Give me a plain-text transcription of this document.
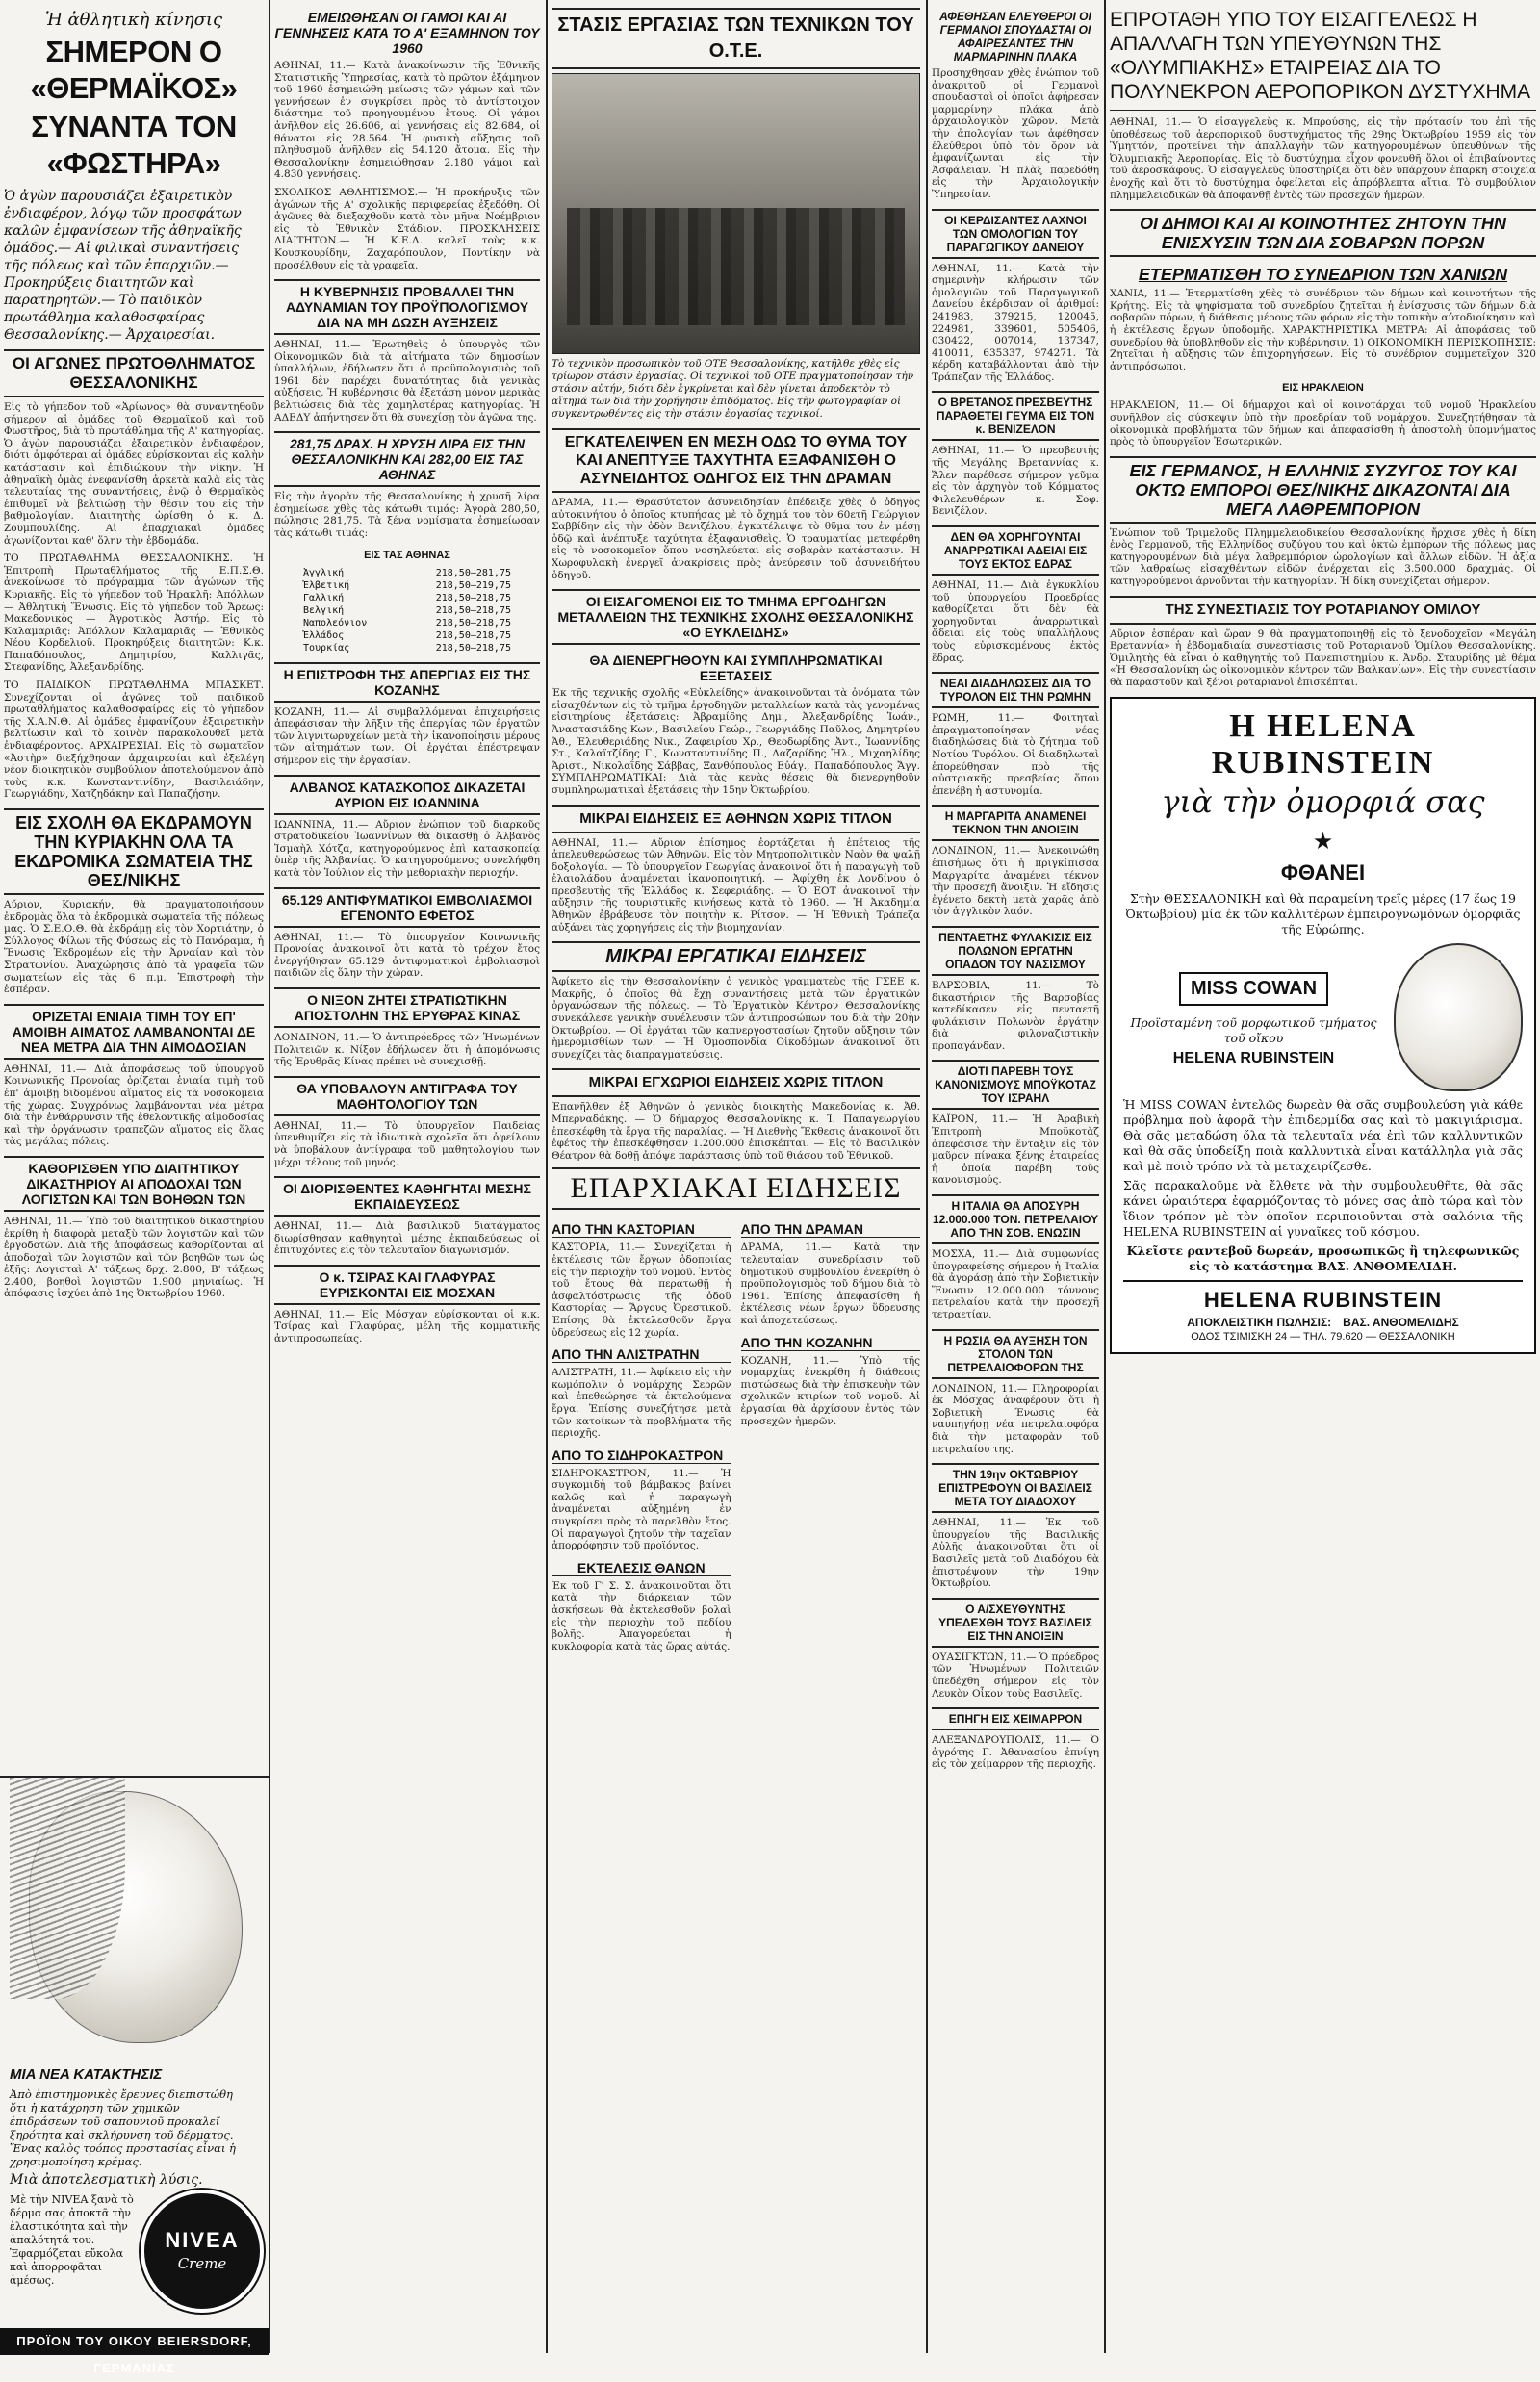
Ἡ ἀθλητικὴ κίνησις
ΣΗΜΕΡΟΝ Ο «ΘΕΡΜΑΪΚΟΣ»
ΣΥΝΑΝΤΑ ΤΟΝ «ΦΩΣΤΗΡΑ»

Ὁ ἀγὼν παρουσιάζει ἐξαιρετικὸν ἐνδιαφέρον, λόγῳ τῶν προσφάτων καλῶν ἐμφανίσεων τῆς ἀθηναϊκῆς ὁμάδος.— Αἱ φιλικαὶ συναντήσεις τῆς πόλεως καὶ τῶν ἐπαρχιῶν.— Προκηρύξεις διαιτητῶν καὶ παρατηρητῶν.— Τὸ παιδικὸν πρωτάθλημα καλαθοσφαίρας Θεσσαλονίκης.— Ἀρχαιρεσίαι.

ΟΙ ΑΓΩΝΕΣ ΠΡΩΤΟΘΛΗΜΑΤΟΣ ΘΕΣΣΑΛΟΝΙΚΗΣ

Εἰς τὸ γήπεδον τοῦ «Ἀρίωνος» θὰ συναντηθοῦν σήμερον αἱ ὁμάδες τοῦ Θερμαϊκοῦ καὶ τοῦ Φωστῆρος, διὰ τὸ πρωτάθλημα τῆς Α' κατηγορίας. Ὁ ἀγὼν παρουσιάζει ἐξαιρετικὸν ἐνδιαφέρον, διότι ἀμφότεραι αἱ ὁμάδες εὑρίσκονται εἰς καλὴν κατάστασιν καὶ ἐπιδιώκουν τὴν νίκην. Ἡ ἀθηναϊκὴ ὁμὰς ἐνεφανίσθη ἀρκετὰ καλὰ εἰς τὰς τελευταίας της συναντήσεις, ἐνῷ ὁ Θερμαϊκὸς ἐπιθυμεῖ νὰ βελτιώσῃ τὴν θέσιν του εἰς τὴν βαθμολογίαν. Διαιτητὴς ὡρίσθη ὁ κ. Δ. Ζουμπουλίδης. Αἱ ἐπαρχιακαὶ ὁμάδες ἀγωνίζονται καθ' ὅλην τὴν ἑβδομάδα.

ΤΟ ΠΡΩΤΑΘΛΗΜΑ ΘΕΣΣΑΛΟΝΙΚΗΣ. Ἡ Ἐπιτροπὴ Πρωταθλήματος τῆς Ε.Π.Σ.Θ. ἀνεκοίνωσε τὸ πρόγραμμα τῶν ἀγώνων τῆς Κυριακῆς. Εἰς τὸ γήπεδον τοῦ Ἠρακλῆ: Ἀπόλλων — Ἀθλητικὴ Ἕνωσις. Εἰς τὸ γήπεδον τοῦ Ἄρεως: Μακεδονικὸς — Ἀγροτικὸς Ἀστήρ. Εἰς τὸ Καλαμαριᾶς: Ἀπόλλων Καλαμαριᾶς — Ἐθνικὸς Νέου Κορδελιοῦ. Προκηρύξεις διαιτητῶν: Κ.κ. Παπαδόπουλος, Δημητρίου, Καλλιγᾶς, Στεφανίδης, Ἀλεξανδρίδης.

ΤΟ ΠΑΙΔΙΚΟΝ ΠΡΩΤΑΘΛΗΜΑ ΜΠΑΣΚΕΤ. Συνεχίζονται οἱ ἀγῶνες τοῦ παιδικοῦ πρωταθλήματος καλαθοσφαίρας εἰς τὸ γήπεδον τῆς Χ.Α.Ν.Θ. Αἱ ὁμάδες ἐμφανίζουν ἐξαιρετικὴν βελτίωσιν καὶ τὸ κοινὸν παρακολουθεῖ μετὰ ἐνδιαφέροντος. ΑΡΧΑΙΡΕΣΙΑΙ. Εἰς τὸ σωματεῖον «Ἀστὴρ» διεξήχθησαν ἀρχαιρεσίαι καὶ ἐξελέγη νέον διοικητικὸν συμβούλιον ἀποτελούμενον ἀπὸ τοὺς κ.κ. Κωνσταντινίδην, Βασιλειάδην, Γεωργιάδην, Χατζηδάκην καὶ Παπαζήσην.

ΕΙΣ ΣΧΟΛΗ ΘΑ ΕΚΔΡΑΜΟΥΝ ΤΗΝ ΚΥΡΙΑΚΗΝ ΟΛΑ ΤΑ ΕΚΔΡΟΜΙΚΑ ΣΩΜΑΤΕΙΑ ΤΗΣ ΘΕΣ/ΝΙΚΗΣ

Αὔριον, Κυριακήν, θὰ πραγματοποιήσουν ἐκδρομὰς ὅλα τὰ ἐκδρομικὰ σωματεῖα τῆς πόλεως μας. Ὁ Σ.Ε.Ο.Θ. θὰ ἐκδράμῃ εἰς τὸν Χορτιάτην, ὁ Σύλλογος Φίλων τῆς Φύσεως εἰς τὸ Πανόραμα, ἡ Ἕνωσις Ἐκδρομέων εἰς τὴν Ἀρναίαν καὶ τὸν Στρατωνίου. Ἀναχώρησις ἀπὸ τὰ γραφεῖα τῶν σωματείων εἰς τὰς 6 π.μ. Ἐπιστροφὴ τὴν ἑσπέραν.

ΟΡΙΖΕΤΑΙ ΕΝΙΑΙΑ ΤΙΜΗ ΤΟΥ ΕΠ' ΑΜΟΙΒΗ ΑΙΜΑΤΟΣ ΛΑΜΒΑΝΟΝΤΑΙ ΔΕ ΝΕΑ ΜΕΤΡΑ ΔΙΑ ΤΗΝ ΑΙΜΟΔΟΣΙΑΝ

ΑΘΗΝΑΙ, 11.— Διὰ ἀποφάσεως τοῦ ὑπουργοῦ Κοινωνικῆς Προνοίας ὁρίζεται ἑνιαία τιμὴ τοῦ ἐπ' ἀμοιβῇ διδομένου αἵματος εἰς τὰ νοσοκομεῖα τῆς χώρας. Συγχρόνως λαμβάνονται νέα μέτρα διὰ τὴν ἐνθάρρυνσιν τῆς ἐθελοντικῆς αἱμοδοσίας καὶ τὴν ὀργάνωσιν τραπεζῶν αἵματος εἰς ὅλας τὰς μεγάλας πόλεις.

ΚΑΘΟΡΙΣΘΕΝ ΥΠΟ ΔΙΑΙΤΗΤΙΚΟΥ ΔΙΚΑΣΤΗΡΙΟΥ ΑΙ ΑΠΟΔΟΧΑΙ ΤΩΝ ΛΟΓΙΣΤΩΝ ΚΑΙ ΤΩΝ ΒΟΗΘΩΝ ΤΩΝ

ΑΘΗΝΑΙ, 11.— Ὑπὸ τοῦ διαιτητικοῦ δικαστηρίου ἐκρίθη ἡ διαφορὰ μεταξὺ τῶν λογιστῶν καὶ τῶν ἐργοδοτῶν. Διὰ τῆς ἀποφάσεως καθορίζονται αἱ ἀποδοχαὶ τῶν λογιστῶν καὶ τῶν βοηθῶν των ὡς ἑξῆς: Λογισταὶ Α' τάξεως δρχ. 2.800, Β' τάξεως 2.400, βοηθοὶ λογιστῶν 1.900 μηνιαίως. Ἡ ἀπόφασις ἰσχύει ἀπὸ 1ης Ὀκτωβρίου 1960.

ΜΙΑ ΝΕΑ ΚΑΤΑΚΤΗΣΙΣ

Ἀπὸ ἐπιστημονικὲς ἔρευνες διεπιστώθη ὅτι ἡ κατάχρηση τῶν χημικῶν ἐπιδράσεων τοῦ σαπουνιοῦ προκαλεῖ ξηρότητα καὶ σκλήρυνση τοῦ δέρματος. Ἕνας καλὸς τρόπος προστασίας εἶναι ἡ χρησιμοποίηση κρέμας.

Μιὰ ἀποτελεσματικὴ λύσις.

Μὲ τὴν NIVEA ξανὰ τὸ δέρμα σας ἀποκτᾶ τὴν ἐλαστικότητα καὶ τὴν ἀπαλότητά του. Ἐφαρμόζεται εὔκολα καὶ ἀπορροφᾶται ἀμέσως.

NIVEA
Creme
ΠΡΟΪΟΝ ΤΟΥ ΟΙΚΟΥ BEIERSDORF, ΓΕΡΜΑΝΙΑΣ
ΕΜΕΙΩΘΗΣΑΝ ΟΙ ΓΑΜΟΙ ΚΑΙ ΑΙ ΓΕΝΝΗΣΕΙΣ ΚΑΤΑ ΤΟ Α' ΕΞΑΜΗΝΟΝ ΤΟΥ 1960

ΑΘΗΝΑΙ, 11.— Κατὰ ἀνακοίνωσιν τῆς Ἐθνικῆς Στατιστικῆς Ὑπηρεσίας, κατὰ τὸ πρῶτον ἑξάμηνον τοῦ 1960 ἐσημειώθη μείωσις τῶν γάμων καὶ τῶν γεννήσεων ἐν συγκρίσει πρὸς τὸ ἀντίστοιχον διάστημα τοῦ προηγουμένου ἔτους. Οἱ γάμοι ἀνῆλθον εἰς 26.606, αἱ γεννήσεις εἰς 82.684, οἱ θάνατοι εἰς 28.564. Ἡ φυσικὴ αὔξησις τοῦ πληθυσμοῦ ἀνῆλθεν εἰς 54.120 ἄτομα. Εἰς τὴν Θεσσαλονίκην ἐσημειώθησαν 2.180 γάμοι καὶ 4.830 γεννήσεις.

ΣΧΟΛΙΚΟΣ ΑΘΛΗΤΙΣΜΟΣ.— Ἡ προκήρυξις τῶν ἀγώνων τῆς Α' σχολικῆς περιφερείας ἐξεδόθη. Οἱ ἀγῶνες θὰ διεξαχθοῦν κατὰ τὸν μῆνα Νοέμβριον εἰς τὸ Ἐθνικὸν Στάδιον. ΠΡΟΣΚΛΗΣΕΙΣ ΔΙΑΙΤΗΤΩΝ.— Ἡ Κ.Ε.Δ. καλεῖ τοὺς κ.κ. Κουσκουρίδην, Ζαχαρόπουλον, Ποντίκην νὰ προσέλθουν εἰς τὰ γραφεῖα.

Η ΚΥΒΕΡΝΗΣΙΣ ΠΡΟΒΑΛΛΕΙ ΤΗΝ ΑΔΥΝΑΜΙΑΝ ΤΟΥ ΠΡΟΫΠΟΛΟΓΙΣΜΟΥ ΔΙΑ ΝΑ ΜΗ ΔΩΣΗ ΑΥΞΗΣΕΙΣ

ΑΘΗΝΑΙ, 11.— Ἐρωτηθεὶς ὁ ὑπουργὸς τῶν Οἰκονομικῶν διὰ τὰ αἰτήματα τῶν δημοσίων ὑπαλλήλων, ἐδήλωσεν ὅτι ὁ προϋπολογισμὸς τοῦ 1961 δὲν παρέχει δυνατότητας διὰ γενικὰς αὐξήσεις. Ἡ κυβέρνησις θὰ ἐξετάσῃ μόνον μερικὰς βελτιώσεις διὰ τὰς χαμηλοτέρας κατηγορίας. Ἡ ΑΔΕΔΥ ἀπήντησεν ὅτι θὰ συνεχίσῃ τὸν ἀγῶνα της.

281,75 ΔΡΑΧ. Η ΧΡΥΣΗ ΛΙΡΑ ΕΙΣ ΤΗΝ ΘΕΣΣΑΛΟΝΙΚΗΝ ΚΑΙ 282,00 ΕΙΣ ΤΑΣ ΑΘΗΝΑΣ

Εἰς τὴν ἀγορὰν τῆς Θεσσαλονίκης ἡ χρυσῆ λίρα ἐσημείωσε χθὲς τὰς κάτωθι τιμάς: Ἀγορὰ 280,50, πώλησις 281,75. Τὰ ξένα νομίσματα ἐσημείωσαν τὰς κάτωθι τιμάς:

ΕΙΣ ΤΑΣ ΑΘΗΝΑΣ
Ἀγγλική	218,50—281,75
Ἑλβετική	218,50—219,75
Γαλλική	218,50—218,75
Βελγική	218,50—218,75
Ναπολεόνιον	218,50—218,75
Ἑλλάδος	218,50—218,75
Τουρκίας	218,50—218,75
Η ΕΠΙΣΤΡΟΦΗ ΤΗΣ ΑΠΕΡΓΙΑΣ ΕΙΣ ΤΗΣ ΚΟΖΑΝΗΣ

ΚΟΖΑΝΗ, 11.— Αἱ συμβαλλόμεναι ἐπιχειρήσεις ἀπεφάσισαν τὴν λῆξιν τῆς ἀπεργίας τῶν ἐργατῶν τῶν λιγνιτωρυχείων μετὰ τὴν ἱκανοποίησιν μέρους τῶν αἰτημάτων των. Οἱ ἐργάται ἐπέστρεψαν σήμερον εἰς τὴν ἐργασίαν.

ΑΛΒΑΝΟΣ ΚΑΤΑΣΚΟΠΟΣ ΔΙΚΑΖΕΤΑΙ ΑΥΡΙΟΝ ΕΙΣ ΙΩΑΝΝΙΝΑ

ΙΩΑΝΝΙΝΑ, 11.— Αὔριον ἐνώπιον τοῦ διαρκοῦς στρατοδικείου Ἰωαννίνων θὰ δικασθῇ ὁ Ἀλβανὸς Ἰσμαὴλ Χότζα, κατηγορούμενος ἐπὶ κατασκοπείᾳ ὑπὲρ τῆς Ἀλβανίας. Ὁ κατηγορούμενος συνελήφθη κατὰ τὸν Ἰούλιον εἰς τὴν μεθοριακὴν περιοχήν.

65.129 ΑΝΤΙΦΥΜΑΤΙΚΟΙ ΕΜΒΟΛΙΑΣΜΟΙ ΕΓΕΝΟΝΤΟ ΕΦΕΤΟΣ

ΑΘΗΝΑΙ, 11.— Τὸ ὑπουργεῖον Κοινωνικῆς Προνοίας ἀνακοινοῖ ὅτι κατὰ τὸ τρέχον ἔτος ἐνεργήθησαν 65.129 ἀντιφυματικοὶ ἐμβολιασμοὶ παιδιῶν εἰς ὅλην τὴν χώραν.

Ο ΝΙΞΟΝ ΖΗΤΕΙ ΣΤΡΑΤΙΩΤΙΚΗΝ ΑΠΟΣΤΟΛΗΝ ΤΗΣ ΕΡΥΘΡΑΣ ΚΙΝΑΣ

ΛΟΝΔΙΝΟΝ, 11.— Ὁ ἀντιπρόεδρος τῶν Ἡνωμένων Πολιτειῶν κ. Νίξον ἐδήλωσεν ὅτι ἡ ἀπομόνωσις τῆς Ἐρυθρᾶς Κίνας πρέπει νὰ συνεχισθῇ.

ΘΑ ΥΠΟΒΑΛΟΥΝ ΑΝΤΙΓΡΑΦΑ ΤΟΥ ΜΑΘΗΤΟΛΟΓΙΟΥ ΤΩΝ

ΑΘΗΝΑΙ, 11.— Τὸ ὑπουργεῖον Παιδείας ὑπενθυμίζει εἰς τὰ ἰδιωτικὰ σχολεῖα ὅτι ὀφείλουν νὰ ὑποβάλουν ἀντίγραφα τοῦ μαθητολογίου των μέχρι τέλους τοῦ μηνός.

ΟΙ ΔΙΟΡΙΣΘΕΝΤΕΣ ΚΑΘΗΓΗΤΑΙ ΜΕΣΗΣ ΕΚΠΑΙΔΕΥΣΕΩΣ

ΑΘΗΝΑΙ, 11.— Διὰ βασιλικοῦ διατάγματος διωρίσθησαν καθηγηταὶ μέσης ἐκπαιδεύσεως οἱ ἐπιτυχόντες εἰς τὸν τελευταῖον διαγωνισμόν.

Ο κ. ΤΣΙΡΑΣ ΚΑΙ ΓΛΑΦΥΡΑΣ ΕΥΡΙΣΚΟΝΤΑΙ ΕΙΣ ΜΟΣΧΑΝ

ΑΘΗΝΑΙ, 11.— Εἰς Μόσχαν εὑρίσκονται οἱ κ.κ. Τσίρας καὶ Γλαφύρας, μέλη τῆς κομματικῆς ἀντιπροσωπείας.

ΣΤΑΣΙΣ ΕΡΓΑΣΙΑΣ ΤΩΝ ΤΕΧΝΙΚΩΝ ΤΟΥ Ο.Τ.Ε.

Τὸ τεχνικὸν προσωπικὸν τοῦ ΟΤΕ Θεσσαλονίκης, κατῆλθε χθὲς εἰς τρίωρον στάσιν ἐργασίας. Οἱ τεχνικοὶ τοῦ ΟΤΕ πραγματοποίησαν τὴν στάσιν αὐτήν, διότι δὲν ἐγκρίνεται καὶ δὲν γίνεται ἀποδεκτὸν τὸ αἴτημά των διὰ τὴν χορήγησιν ἐπιδόματος. Εἰς τὴν φωτογραφίαν οἱ συγκεντρωθέντες εἰς τὴν στάσιν ἐργασίας τεχνικοί.

ΕΓΚΑΤΕΛΕΙΨΕΝ ΕΝ ΜΕΣΗ ΟΔΩ ΤΟ ΘΥΜΑ ΤΟΥ ΚΑΙ ΑΝΕΠΤΥΞΕ ΤΑΧΥΤΗΤΑ ΕΞΑΦΑΝΙΣΘΗ Ο ΑΣΥΝΕΙΔΗΤΟΣ ΟΔΗΓΟΣ ΕΙΣ ΤΗΝ ΔΡΑΜΑΝ

ΔΡΑΜΑ, 11.— Θρασύτατον ἀσυνειδησίαν ἐπέδειξε χθὲς ὁ ὁδηγὸς αὐτοκινήτου ὁ ὁποῖος κτυπήσας μὲ τὸ ὄχημά του τὸν 60ετῆ Γεώργιον Σαββίδην εἰς τὴν ὁδὸν Βενιζέλου, ἐγκατέλειψε τὸ θῦμα του ἐν μέσῃ ὁδῷ καὶ ἀνέπτυξε ταχύτητα ἐξαφανισθεὶς. Ὁ τραυματίας μετεφέρθη εἰς τὸ νοσοκομεῖον ὅπου νοσηλεύεται εἰς σοβαρὰν κατάστασιν. Ἡ Χωροφυλακὴ ἐνεργεῖ ἀνακρίσεις πρὸς ἀνεύρεσιν τοῦ ἀσυνειδήτου ὁδηγοῦ.

ΟΙ ΕΙΣΑΓΟΜΕΝΟΙ ΕΙΣ ΤΟ ΤΜΗΜΑ ΕΡΓΟΔΗΓΩΝ ΜΕΤΑΛΛΕΙΩΝ ΤΗΣ ΤΕΧΝΙΚΗΣ ΣΧΟΛΗΣ ΘΕΣΣΑΛΟΝΙΚΗΣ «Ο ΕΥΚΛΕΙΔΗΣ»
ΘΑ ΔΙΕΝΕΡΓΗΘΟΥΝ ΚΑΙ ΣΥΜΠΛΗΡΩΜΑΤΙΚΑΙ ΕΞΕΤΑΣΕΙΣ

Ἐκ τῆς τεχνικῆς σχολῆς «Εὐκλείδης» ἀνακοινοῦνται τὰ ὀνόματα τῶν εἰσαχθέντων εἰς τὸ τμῆμα ἐργοδηγῶν μεταλλείων κατὰ τὰς γενομένας εἰσιτηρίους ἐξετάσεις: Ἀβραμίδης Δημ., Ἀλεξανδρίδης Ἰωάν., Ἀναστασιάδης Κων., Βασιλείου Γεώρ., Γεωργιάδης Παῦλος, Δημητρίου Ἀθ., Ἐλευθεριάδης Νικ., Ζαφειρίου Χρ., Θεοδωρίδης Ἀντ., Ἰωαννίδης Στ., Καλαϊτζίδης Γ., Κωνσταντινίδης Π., Λαζαρίδης Ἠλ., Μιχαηλίδης Ἀριστ., Νικολαΐδης Σάββας, Ξανθόπουλος Εὐάγ., Παπαδόπουλος Ἄγγ. ΣΥΜΠΛΗΡΩΜΑΤΙΚΑΙ: Διὰ τὰς κενὰς θέσεις θὰ διενεργηθοῦν συμπληρωματικαὶ ἐξετάσεις τὴν 15ην Ὀκτωβρίου.

ΜΙΚΡΑΙ ΕΙΔΗΣΕΙΣ ΕΞ ΑΘΗΝΩΝ ΧΩΡΙΣ ΤΙΤΛΟΝ

ΑΘΗΝΑΙ, 11.— Αὔριον ἐπίσημος ἑορτάζεται ἡ ἐπέτειος τῆς ἀπελευθερώσεως τῶν Ἀθηνῶν. Εἰς τὸν Μητροπολιτικὸν Ναὸν θὰ ψαλῇ δοξολογία. — Τὸ ὑπουργεῖον Γεωργίας ἀνακοινοῖ ὅτι ἡ παραγωγὴ τοῦ ἐλαιολάδου ἀναμένεται ἱκανοποιητική. — Ἀφίχθη ἐκ Λονδίνου ὁ πρεσβευτὴς τῆς Ἑλλάδος κ. Σεφεριάδης. — Ὁ ΕΟΤ ἀνακοινοῖ τὴν αὔξησιν τῆς τουριστικῆς κινήσεως κατὰ τὸ 1960. — Ἡ Ἀκαδημία Ἀθηνῶν ἐβράβευσε τὸν ποιητὴν κ. Ρίτσον. — Ἡ Ἐθνικὴ Τράπεζα αὐξάνει τὰς χορηγήσεις εἰς τὴν βιομηχανίαν.

ΜΙΚΡΑΙ ΕΡΓΑΤΙΚΑΙ ΕΙΔΗΣΕΙΣ

Ἀφίκετο εἰς τὴν Θεσσαλονίκην ὁ γενικὸς γραμματεὺς τῆς ΓΣΕΕ κ. Μακρῆς, ὁ ὁποῖος θὰ ἔχῃ συναντήσεις μετὰ τῶν ἐργατικῶν ὀργανώσεων τῆς πόλεως. — Τὸ Ἐργατικὸν Κέντρον Θεσσαλονίκης συνεκάλεσε γενικὴν συνέλευσιν τῶν ἀντιπροσώπων του διὰ τὴν 20ὴν Ὀκτωβρίου. — Οἱ ἐργάται τῶν καπνεργοστασίων ζητοῦν αὔξησιν τῶν ἡμερομισθίων των. — Ἡ Ὁμοσπονδία Οἰκοδόμων ἀνακοινοῖ ὅτι συνεχίζει τὰς διαπραγματεύσεις.

ΜΙΚΡΑΙ ΕΓΧΩΡΙΟΙ ΕΙΔΗΣΕΙΣ ΧΩΡΙΣ ΤΙΤΛΟΝ

Ἐπανῆλθεν ἐξ Ἀθηνῶν ὁ γενικὸς διοικητὴς Μακεδονίας κ. Ἀθ. Μπερναδάκης. — Ὁ δήμαρχος Θεσσαλονίκης κ. Ἰ. Παπαγεωργίου ἐπεσκέφθη τὰ ἔργα τῆς παραλίας. — Ἡ Διεθνὴς Ἔκθεσις ἀνακοινοῖ ὅτι ἐφέτος τὴν ἐπεσκέφθησαν 1.200.000 ἐπισκέπται. — Εἰς τὸ Βασιλικὸν Θέατρον θὰ δοθῇ ἀπόψε παράστασις ὑπὸ τοῦ θιάσου τοῦ Ἐθνικοῦ.

ΕΠΑΡΧΙΑΚΑΙ ΕΙΔΗΣΕΙΣ
ΑΠΟ ΤΗΝ ΚΑΣΤΟΡΙΑΝ

ΚΑΣΤΟΡΙΑ, 11.— Συνεχίζεται ἡ ἐκτέλεσις τῶν ἔργων ὁδοποιίας εἰς τὴν περιοχὴν τοῦ νομοῦ. Ἐντὸς τοῦ ἔτους θὰ περατωθῇ ἡ ἀσφαλτόστρωσις τῆς ὁδοῦ Καστορίας — Ἄργους Ὀρεστικοῦ. Ἐπίσης θὰ ἐκτελεσθοῦν ἔργα ὑδρεύσεως εἰς 12 χωρία.

ΑΠΟ ΤΗΝ ΑΛΙΣΤΡΑΤΗΝ

ΑΛΙΣΤΡΑΤΗ, 11.— Ἀφίκετο εἰς τὴν κωμόπολιν ὁ νομάρχης Σερρῶν καὶ ἐπεθεώρησε τὰ ἐκτελούμενα ἔργα. Ἐπίσης συνεζήτησε μετὰ τῶν κατοίκων τὰ προβλήματα τῆς περιοχῆς.

ΑΠΟ ΤΟ ΣΙΔΗΡΟΚΑΣΤΡΟΝ

ΣΙΔΗΡΟΚΑΣΤΡΟΝ, 11.— Ἡ συγκομιδὴ τοῦ βάμβακος βαίνει καλῶς καὶ ἡ παραγωγὴ ἀναμένεται αὐξημένη ἐν συγκρίσει πρὸς τὸ παρελθὸν ἔτος. Οἱ παραγωγοὶ ζητοῦν τὴν ταχεῖαν ἀπορρόφησιν τοῦ προϊόντος.

ΕΚΤΕΛΕΣΙΣ ΘΑΝΩΝ

Ἐκ τοῦ Γ' Σ. Σ. ἀνακοινοῦται ὅτι κατὰ τὴν διάρκειαν τῶν ἀσκήσεων θὰ ἐκτελεσθοῦν βολαὶ εἰς τὴν περιοχὴν τοῦ πεδίου βολῆς. Ἀπαγορεύεται ἡ κυκλοφορία κατὰ τὰς ὥρας αὐτάς.

ΑΠΟ ΤΗΝ ΔΡΑΜΑΝ

ΔΡΑΜΑ, 11.— Κατὰ τὴν τελευταίαν συνεδρίασιν τοῦ δημοτικοῦ συμβουλίου ἐνεκρίθη ὁ προϋπολογισμὸς τοῦ δήμου διὰ τὸ 1961. Ἐπίσης ἀπεφασίσθη ἡ ἐκτέλεσις νέων ἔργων ὕδρευσης καὶ ἀποχετεύσεως.

ΑΠΟ ΤΗΝ ΚΟΖΑΝΗΝ

ΚΟΖΑΝΗ, 11.— Ὑπὸ τῆς νομαρχίας ἐνεκρίθη ἡ διάθεσις πιστώσεως διὰ τὴν ἐπισκευὴν τῶν σχολικῶν κτιρίων τοῦ νομοῦ. Αἱ ἐργασίαι θὰ ἀρχίσουν ἐντὸς τῶν προσεχῶν ἡμερῶν.

ΑΦΕΘΗΣΑΝ ΕΛΕΥΘΕΡΟΙ ΟΙ ΓΕΡΜΑΝΟΙ ΣΠΟΥΔΑΣΤΑΙ ΟΙ ΑΦΑΙΡΕΣΑΝΤΕΣ ΤΗΝ ΜΑΡΜΑΡΙΝΗΝ ΠΛΑΚΑ

Προσηχθησαν χθὲς ἐνώπιον τοῦ ἀνακριτοῦ οἱ Γερμανοὶ σπουδασταὶ οἱ ὁποῖοι ἀφήρεσαν μαρμαρίνην πλάκα ἀπὸ ἀρχαιολογικὸν χῶρον. Μετὰ τὴν ἀπολογίαν των ἀφέθησαν ἐλεύθεροι ὑπὸ τὸν ὅρον νὰ ἐμφανίζωνται εἰς τὴν Ἀσφάλειαν. Ἡ πλὰξ παρεδόθη εἰς τὴν Ἀρχαιολογικὴν Ὑπηρεσίαν.

ΟΙ ΚΕΡΔΙΣΑΝΤΕΣ ΛΑΧΝΟΙ ΤΩΝ ΟΜΟΛΟΓΙΩΝ ΤΟΥ ΠΑΡΑΓΩΓΙΚΟΥ ΔΑΝΕΙΟΥ

ΑΘΗΝΑΙ, 11.— Κατὰ τὴν σημερινὴν κλήρωσιν τῶν ὁμολογιῶν τοῦ Παραγωγικοῦ Δανείου ἐκέρδισαν οἱ ἀριθμοί: 241983, 379215, 120045, 224981, 339601, 505406, 030422, 007014, 137347, 410011, 635337, 974271. Τὰ κέρδη καταβάλλονται ἀπὸ τὴν Τράπεζαν τῆς Ἑλλάδος.

Ο ΒΡΕΤΑΝΟΣ ΠΡΕΣΒΕΥΤΗΣ ΠΑΡΑΘΕΤΕΙ ΓΕΥΜΑ ΕΙΣ ΤΟΝ κ. ΒΕΝΙΖΕΛΟΝ

ΑΘΗΝΑΙ, 11.— Ὁ πρεσβευτὴς τῆς Μεγάλης Βρεταννίας κ. Ἄλεν παρέθεσε σήμερον γεῦμα εἰς τὸν ἀρχηγὸν τοῦ Κόμματος Φιλελευθέρων κ. Σοφ. Βενιζέλον.

ΔΕΝ ΘΑ ΧΟΡΗΓΟΥΝΤΑΙ ΑΝΑΡΡΩΤΙΚΑΙ ΑΔΕΙΑΙ ΕΙΣ ΤΟΥΣ ΕΚΤΟΣ ΕΔΡΑΣ

ΑΘΗΝΑΙ, 11.— Διὰ ἐγκυκλίου τοῦ ὑπουργείου Προεδρίας καθορίζεται ὅτι δὲν θὰ χορηγοῦνται ἀναρρωτικαὶ ἄδειαι εἰς τοὺς ὑπαλλήλους τοὺς εὑρισκομένους ἐκτὸς ἕδρας.

ΝΕΑΙ ΔΙΑΔΗΛΩΣΕΙΣ ΔΙΑ ΤΟ ΤΥΡΟΛΟΝ ΕΙΣ ΤΗΝ ΡΩΜΗΝ

ΡΩΜΗ, 11.— Φοιτηταὶ ἐπραγματοποίησαν νέας διαδηλώσεις διὰ τὸ ζήτημα τοῦ Νοτίου Τυρόλου. Οἱ διαδηλωταὶ ἐπορεύθησαν πρὸ τῆς αὐστριακῆς πρεσβείας ὅπου ἐπενέβη ἡ ἀστυνομία.

Η ΜΑΡΓΑΡΙΤΑ ΑΝΑΜΕΝΕΙ ΤΕΚΝΟΝ ΤΗΝ ΑΝΟΙΞΙΝ

ΛΟΝΔΙΝΟΝ, 11.— Ἀνεκοινώθη ἐπισήμως ὅτι ἡ πριγκίπισσα Μαργαρίτα ἀναμένει τέκνον τὴν προσεχῆ ἄνοιξιν. Ἡ εἴδησις ἐγένετο δεκτὴ μετὰ χαρᾶς ἀπὸ τὸν ἀγγλικὸν λαόν.

ΠΕΝΤΑΕΤΗΣ ΦΥΛΑΚΙΣΙΣ ΕΙΣ ΠΟΛΩΝΟΝ ΕΡΓΑΤΗΝ ΟΠΑΔΟΝ ΤΟΥ ΝΑΣΙΣΜΟΥ

ΒΑΡΣΟΒΙΑ, 11.— Τὸ δικαστήριον τῆς Βαρσοβίας κατεδίκασεν εἰς πενταετῆ φυλάκισιν Πολωνὸν ἐργάτην διὰ φιλοναζιστικὴν προπαγάνδαν.

ΔΙΟΤΙ ΠΑΡΕΒΗ ΤΟΥΣ ΚΑΝΟΝΙΣΜΟΥΣ ΜΠΟΫΚΟΤΑΖ ΤΟΥ ΙΣΡΑΗΛ

ΚΑΪΡΟΝ, 11.— Ἡ Ἀραβικὴ Ἐπιτροπὴ Μποϋκοτὰζ ἀπεφάσισε τὴν ἔνταξιν εἰς τὸν μαῦρον πίνακα ξένης ἐταιρείας ἡ ὁποία παρέβη τοὺς κανονισμούς.

Η ΙΤΑΛΙΑ ΘΑ ΑΠΟΣΥΡΗ 12.000.000 ΤΟΝ. ΠΕΤΡΕΛΑΙΟΥ ΑΠΟ ΤΗΝ ΣΟΒ. ΕΝΩΣΙΝ

ΜΟΣΧΑ, 11.— Διὰ συμφωνίας ὑπογραφείσης σήμερον ἡ Ἰταλία θὰ ἀγοράσῃ ἀπὸ τὴν Σοβιετικὴν Ἕνωσιν 12.000.000 τόννους πετρελαίου κατὰ τὴν προσεχῆ τετραετίαν.

Η ΡΩΣΙΑ ΘΑ ΑΥΞΗΣΗ ΤΟΝ ΣΤΟΛΟΝ ΤΩΝ ΠΕΤΡΕΛΑΙΟΦΟΡΩΝ ΤΗΣ

ΛΟΝΔΙΝΟΝ, 11.— Πληροφορίαι ἐκ Μόσχας ἀναφέρουν ὅτι ἡ Σοβιετικὴ Ἕνωσις θὰ ναυπηγήσῃ νέα πετρελαιοφόρα διὰ τὴν μεταφορὰν τοῦ πετρελαίου της.

ΤΗΝ 19ην ΟΚΤΩΒΡΙΟΥ ΕΠΙΣΤΡΕΦΟΥΝ ΟΙ ΒΑΣΙΛΕΙΣ ΜΕΤΑ ΤΟΥ ΔΙΑΔΟΧΟΥ

ΑΘΗΝΑΙ, 11.— Ἐκ τοῦ ὑπουργείου τῆς Βασιλικῆς Αὐλῆς ἀνακοινοῦται ὅτι οἱ Βασιλεῖς μετὰ τοῦ Διαδόχου θὰ ἐπιστρέψουν τὴν 19ην Ὀκτωβρίου.

Ο Α/ΣΧΕΥΘΥΝΤΗΣ ΥΠΕΔΕΧΘΗ ΤΟΥΣ ΒΑΣΙΛΕΙΣ ΕΙΣ ΤΗΝ ΑΝΟΙΞΙΝ

ΟΥΑΣΙΓΚΤΩΝ, 11.— Ὁ πρόεδρος τῶν Ἡνωμένων Πολιτειῶν ὑπεδέχθη σήμερον εἰς τὸν Λευκὸν Οἶκον τοὺς Βασιλεῖς.

ΕΠΗΓΗ ΕΙΣ ΧΕΙΜΑΡΡΟΝ

ΑΛΕΞΑΝΔΡΟΥΠΟΛΙΣ, 11.— Ὁ ἀγρότης Γ. Ἀθανασίου ἐπνίγη εἰς τὸν χείμαρρον τῆς περιοχῆς.

ΕΠΡΟΤΑΘΗ ΥΠΟ ΤΟΥ ΕΙΣΑΓΓΕΛΕΩΣ Η ΑΠΑΛΛΑΓΗ ΤΩΝ ΥΠΕΥΘΥΝΩΝ ΤΗΣ «ΟΛΥΜΠΙΑΚΗΣ» ΕΤΑΙΡΕΙΑΣ ΔΙΑ ΤΟ ΠΟΛΥΝΕΚΡΟΝ ΑΕΡΟΠΟΡΙΚΟΝ ΔΥΣΤΥΧΗΜΑ

ΑΘΗΝΑΙ, 11.— Ὁ εἰσαγγελεὺς κ. Μπρούσης, εἰς τὴν πρότασίν του ἐπὶ τῆς ὑποθέσεως τοῦ ἀεροπορικοῦ δυστυχήματος τῆς 29ης Ὀκτωβρίου 1959 εἰς τὸν Ὑμηττόν, προτείνει τὴν ἀπαλλαγὴν τῶν κατηγορουμένων ὑπευθύνων τῆς Ὀλυμπιακῆς Ἀεροπορίας. Εἰς τὸ δυστύχημα εἶχον φονευθῆ ὅλοι οἱ ἐπιβαίνοντες τοῦ ἀεροσκάφους. Ὁ εἰσαγγελεὺς ὑποστηρίζει ὅτι δὲν ὑπάρχουν ἐπαρκῆ στοιχεῖα ἐνοχῆς καὶ ὅτι τὸ δυστύχημα ὀφείλεται εἰς ἀπρόβλεπτα αἴτια. Τὸ συμβούλιον πλημμελειοδικῶν θὰ ἀποφανθῇ ἐντὸς τῶν προσεχῶν ἡμερῶν.

ΟΙ ΔΗΜΟΙ ΚΑΙ ΑΙ ΚΟΙΝΟΤΗΤΕΣ ΖΗΤΟΥΝ ΤΗΝ ΕΝΙΣΧΥΣΙΝ ΤΩΝ ΔΙΑ ΣΟΒΑΡΩΝ ΠΟΡΩΝ
ΕΤΕΡΜΑΤΙΣΘΗ ΤΟ ΣΥΝΕΔΡΙΟΝ ΤΩΝ ΧΑΝΙΩΝ

ΧΑΝΙΑ, 11.— Ἐτερματίσθη χθὲς τὸ συνέδριον τῶν δήμων καὶ κοινοτήτων τῆς Κρήτης. Εἰς τὰ ψηφίσματα τοῦ συνεδρίου ζητεῖται ἡ ἐνίσχυσις τῶν δήμων διὰ σοβαρῶν πόρων, ἡ διάθεσις μέρους τῶν φόρων εἰς τὴν τοπικὴν αὐτοδιοίκησιν καὶ ἡ ἐκτέλεσις ἔργων ὑποδομῆς. ΧΑΡΑΚΤΗΡΙΣΤΙΚΑ ΜΕΤΡΑ: Αἱ ἀποφάσεις τοῦ συνεδρίου θὰ ὑποβληθοῦν εἰς τὴν κυβέρνησιν. 1) ΟΙΚΟΝΟΜΙΚΗ ΠΕΡΙΣΚΟΠΗΣΙΣ: Ζητεῖται ἡ αὔξησις τῶν ἐπιχορηγήσεων. Εἰς τὸ συνέδριον συμμετεῖχον 320 ἀντιπρόσωποι.

ΕΙΣ ΗΡΑΚΛΕΙΟΝ

ΗΡΑΚΛΕΙΟΝ, 11.— Οἱ δήμαρχοι καὶ οἱ κοινοτάρχαι τοῦ νομοῦ Ἡρακλείου συνῆλθον εἰς σύσκεψιν ὑπὸ τὴν προεδρίαν τοῦ νομάρχου. Συνεζητήθησαν τὰ οἰκονομικὰ προβλήματα τῶν δήμων καὶ ἀπεφασίσθη ἡ ἀποστολὴ ὑπομνήματος πρὸς τὸ ὑπουργεῖον Ἐσωτερικῶν.

ΕΙΣ ΓΕΡΜΑΝΟΣ, Η ΕΛΛΗΝΙΣ ΣΥΖΥΓΟΣ ΤΟΥ ΚΑΙ ΟΚΤΩ ΕΜΠΟΡΟΙ ΘΕΣ/ΝΙΚΗΣ ΔΙΚΑΖΟΝΤΑΙ ΔΙΑ ΜΕΓΑ ΛΑΘΡΕΜΠΟΡΙΟΝ

Ἐνώπιον τοῦ Τριμελοῦς Πλημμελειοδικείου Θεσσαλονίκης ἤρχισε χθὲς ἡ δίκη ἑνὸς Γερμανοῦ, τῆς Ἑλληνίδος συζύγου του καὶ ὀκτὼ ἐμπόρων τῆς πόλεως μας κατηγορουμένων διὰ μέγα λαθρεμπόριον ὠρολογίων καὶ ἄλλων εἰδῶν. Ἡ ἀξία τῶν λαθραίως εἰσαχθέντων εἰδῶν ἀνέρχεται εἰς 3.500.000 δραχμάς. Οἱ κατηγορούμενοι ἀρνοῦνται τὴν κατηγορίαν. Ἡ δίκη συνεχίζεται σήμερον.

ΤΗΣ ΣΥΝΕΣΤΙΑΣΙΣ ΤΟΥ ΡΟΤΑΡΙΑΝΟΥ ΟΜΙΛΟΥ

Αὔριον ἑσπέραν καὶ ὥραν 9 θὰ πραγματοποιηθῇ εἰς τὸ ξενοδοχεῖον «Μεγάλη Βρεταννία» ἡ ἑβδομαδιαία συνεστίασις τοῦ Ροταριανοῦ Ὁμίλου Θεσσαλονίκης. Ὁμιλητὴς θὰ εἶναι ὁ καθηγητὴς τοῦ Πανεπιστημίου κ. Ἀνδρ. Σταυρίδης μὲ θέμα «Ἡ Θεσσαλονίκη ὡς οἰκονομικὸν κέντρον τῶν Βαλκανίων». Εἰς τὴν συνεστίασιν θὰ παραστοῦν καὶ ξένοι ροταριανοὶ ἐπισκέπται.

Η HELENA RUBINSTEIN
γιὰ τὴν ὀμορφιά σας
★
ΦΘΑΝΕΙ

Στὴν ΘΕΣΣΑΛΟΝΙΚΗ καὶ θὰ παραμείνη τρεῖς μέρες (17 ἕως 19 Ὀκτωβρίου) μία ἐκ τῶν καλλιτέρων ἐμπειρογνωμόνων ὀμορφιᾶς τῆς Εὐρώπης.

MISS COWAN

Προϊσταμένη τοῦ μορφωτικοῦ τμήματος τοῦ οἴκου

HELENA RUBINSTEIN

Ἡ MISS COWAN ἐντελῶς δωρεὰν θὰ σᾶς συμβουλεύση γιὰ κάθε πρόβλημα ποὺ ἀφορᾶ τὴν ἐπιδερμίδα σας καὶ τὸ μακιγιάρισμα. Θὰ σᾶς μεταδώση ὅλα τὰ τελευταῖα νέα ἐπὶ τῶν καλλυντικῶν καὶ θὰ σᾶς ὑποδείξη ποιὰ καλλυντικὰ εἶναι κατάλληλα γιὰ σᾶς καὶ μὲ ποιὸ τρόπο νὰ τὰ μεταχειρίζεσθε.

Σᾶς παρακαλοῦμε νὰ ἔλθετε νὰ τὴν συμβουλευθῆτε, θὰ σᾶς κάνει ὡραιότερα ἐφαρμόζοντας τὸ μόνες σας ἀπὸ τώρα καὶ τὸν ἴδιον τρόπον μὲ τὸν ὁποῖον περιποιοῦνται στὰ σαλόνια τῆς HELENA RUBINSTEIN αἱ γυναῖκες τοῦ κόσμου.

Κλεῖστε ραντεβοῦ δωρεάν, προσωπικῶς ἢ τηλεφωνικῶς εἰς τὸ κατάστημα ΒΑΣ. ΑΝΘΟΜΕΛΙΔΗ.

HELENA RUBINSTEIN
ΑΠΟΚΛΕΙΣΤΙΚΗ ΠΩΛΗΣΙΣ: ΒΑΣ. ΑΝΘΟΜΕΛΙΔΗΣ
ΟΔΟΣ ΤΣΙΜΙΣΚΗ 24 — ΤΗΛ. 79.620 — ΘΕΣΣΑΛΟΝΙΚΗ
